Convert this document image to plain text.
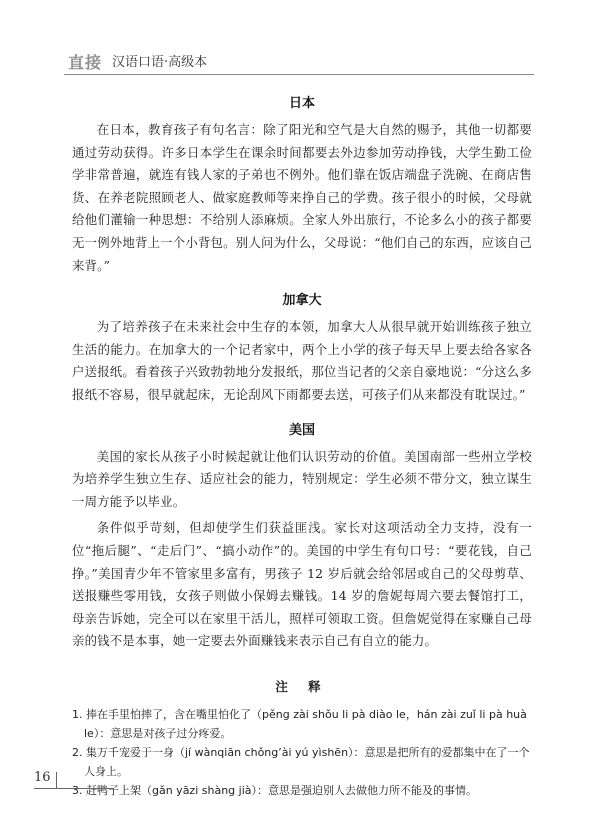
直接 汉语口语·高级本
日本

在日本，教育孩子有句名言：除了阳光和空气是大自然的赐予，其他一切都要通过劳动获得。许多日本学生在课余时间都要去外边参加劳动挣钱，大学生勤工俭学非常普遍，就连有钱人家的子弟也不例外。他们靠在饭店端盘子洗碗、在商店售货、在养老院照顾老人、做家庭教师等来挣自己的学费。孩子很小的时候，父母就给他们灌输一种思想：不给别人添麻烦。全家人外出旅行，不论多么小的孩子都要无一例外地背上一个小背包。别人问为什么，父母说：“他们自己的东西，应该自己来背。”

加拿大

为了培养孩子在未来社会中生存的本领，加拿大人从很早就开始训练孩子独立生活的能力。在加拿大的一个记者家中，两个上小学的孩子每天早上要去给各家各户送报纸。看着孩子兴致勃勃地分发报纸，那位当记者的父亲自豪地说：“分这么多报纸不容易，很早就起床，无论刮风下雨都要去送，可孩子们从来都没有耽误过。”

美国

美国的家长从孩子小时候起就让他们认识劳动的价值。美国南部一些州立学校为培养学生独立生存、适应社会的能力，特别规定：学生必须不带分文，独立谋生一周方能予以毕业。

条件似乎苛刻，但却使学生们获益匪浅。家长对这项活动全力支持，没有一位“拖后腿”、“走后门”、“搞小动作”的。美国的中学生有句口号：“要花钱，自己挣。”美国青少年不管家里多富有，男孩子 12 岁后就会给邻居或自己的父母剪草、送报赚些零用钱，女孩子则做小保姆去赚钱。14 岁的詹妮每周六要去餐馆打工，母亲告诉她，完全可以在家里干活儿，照样可领取工资。但詹妮觉得在家赚自己母亲的钱不是本事，她一定要去外面赚钱来表示自己有自立的能力。

注 释

1. 捧在手里怕摔了，含在嘴里怕化了（pěng zài shǒu li pà diào le，hán zài zuǐ li pà huà le）：意思是对孩子过分疼爱。

2. 集万千宠爱于一身（jí wànqiān chǒng’ài yú yìshēn）：意思是把所有的爱都集中在了一个人身上。

3. 赶鸭子上架（gǎn yāzi shàng jià）：意思是强迫别人去做他力所不能及的事情。

16
